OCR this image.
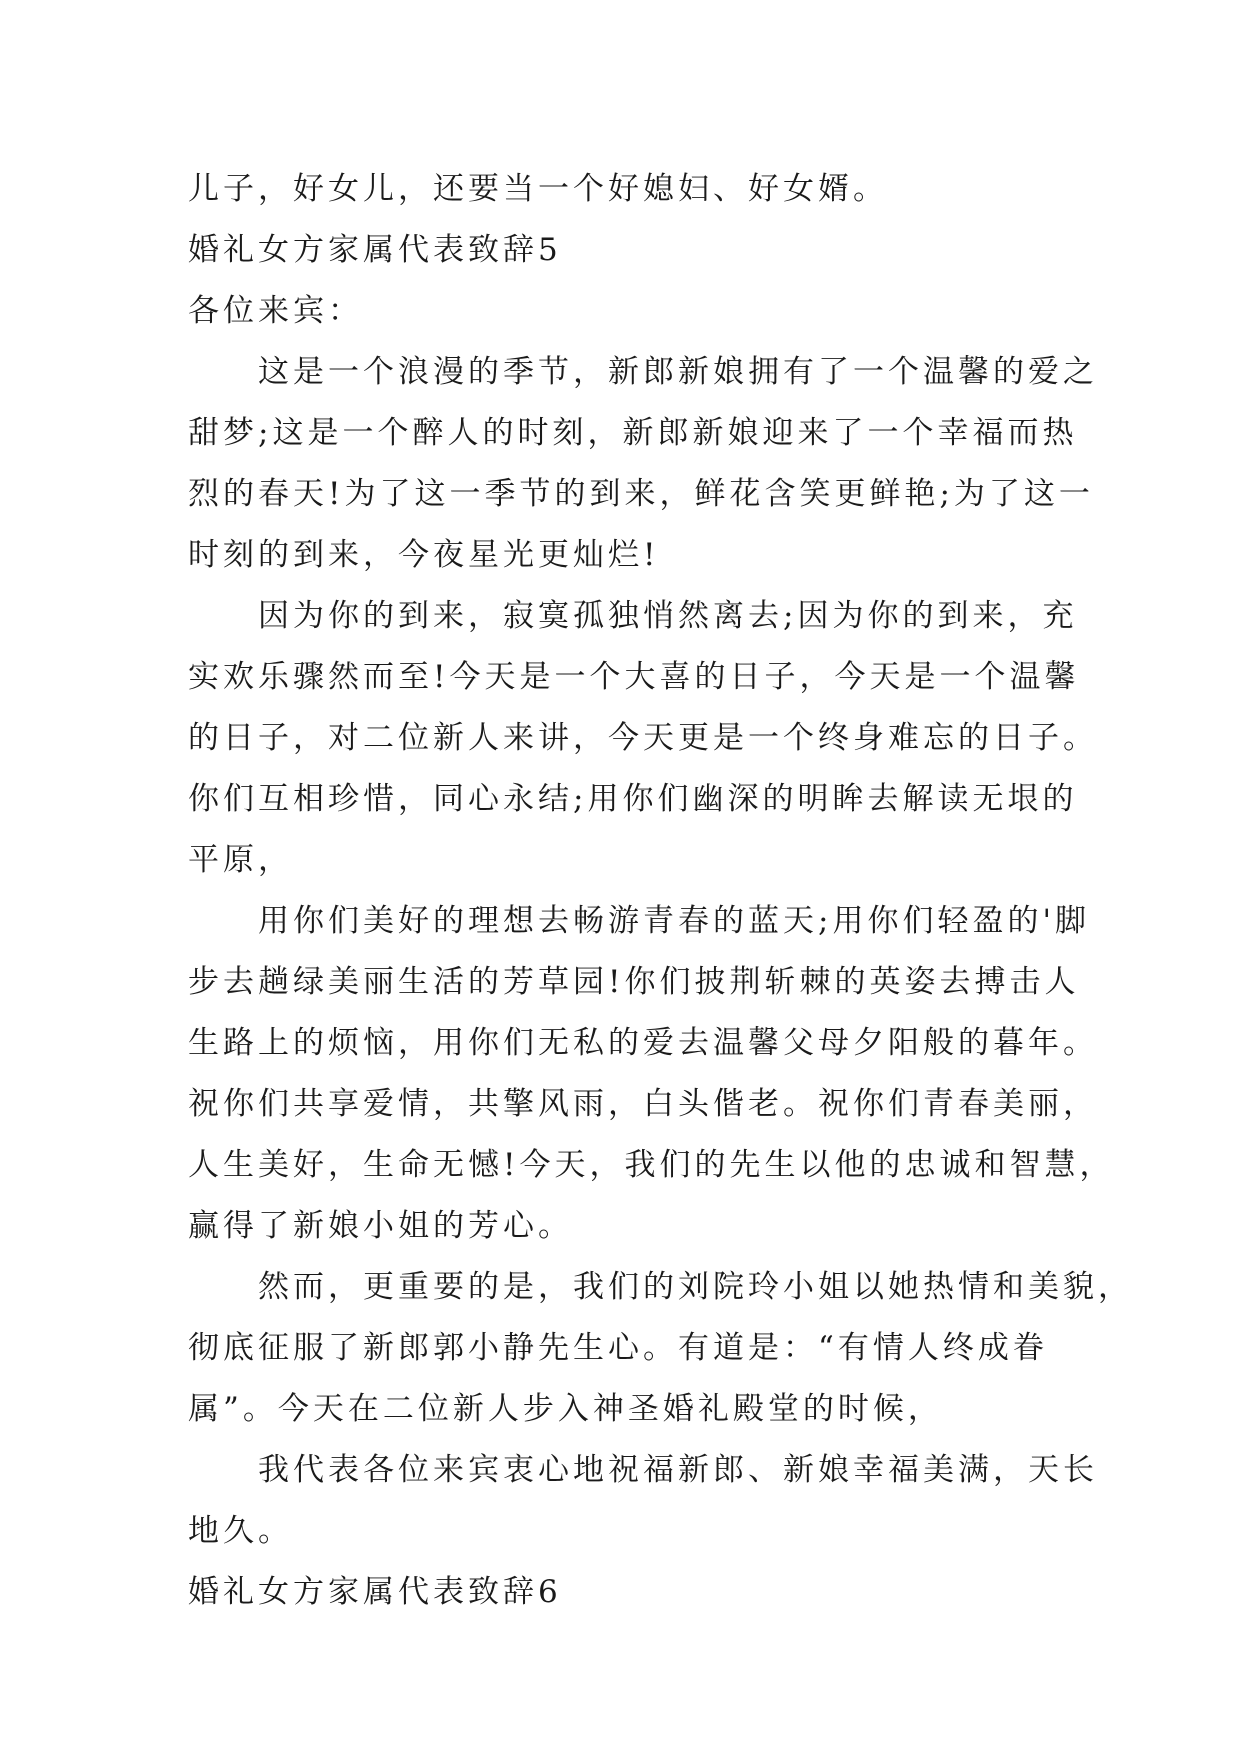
儿子，好女儿，还要当一个好媳妇、好女婿。
婚礼女方家属代表致辞5
各位来宾：
这是一个浪漫的季节，新郎新娘拥有了一个温馨的爱之
甜梦;这是一个醉人的时刻，新郎新娘迎来了一个幸福而热
烈的春天!为了这一季节的到来，鲜花含笑更鲜艳;为了这一
时刻的到来，今夜星光更灿烂!
因为你的到来，寂寞孤独悄然离去;因为你的到来，充
实欢乐骤然而至!今天是一个大喜的日子，今天是一个温馨
的日子，对二位新人来讲，今天更是一个终身难忘的日子。
你们互相珍惜，同心永结;用你们幽深的明眸去解读无垠的
平原，
用你们美好的理想去畅游青春的蓝天;用你们轻盈的'脚
步去趟绿美丽生活的芳草园!你们披荆斩棘的英姿去搏击人
生路上的烦恼，用你们无私的爱去温馨父母夕阳般的暮年。
祝你们共享爱情，共擎风雨，白头偕老。祝你们青春美丽，
人生美好，生命无憾!今天，我们的先生以他的忠诚和智慧，
赢得了新娘小姐的芳心。
然而，更重要的是，我们的刘院玲小姐以她热情和美貌，
彻底征服了新郎郭小静先生心。有道是：“有情人终成眷
属”。今天在二位新人步入神圣婚礼殿堂的时候，
我代表各位来宾衷心地祝福新郎、新娘幸福美满，天长
地久。
婚礼女方家属代表致辞6
